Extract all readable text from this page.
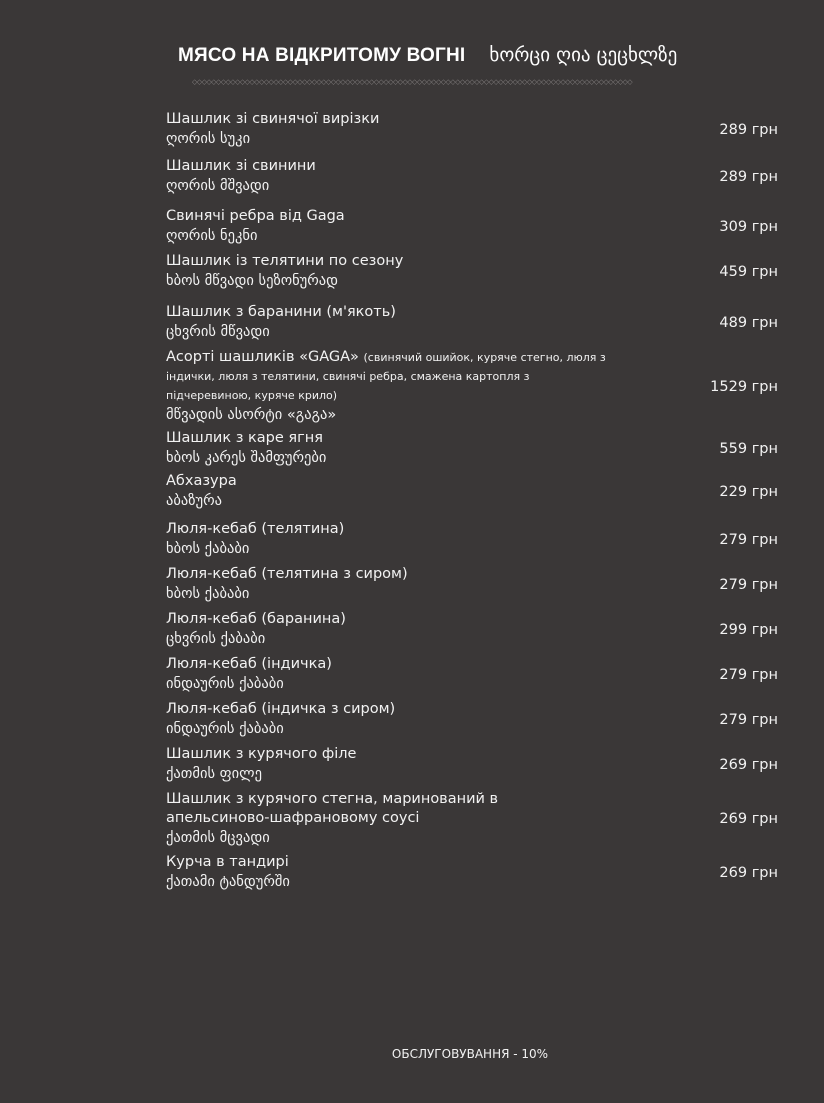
МЯСО НА ВІДКРИТОМУ ВОГНІ ხორცი ღია ცეცხლზე
◇◇◇◇◇◇◇◇◇◇◇◇◇◇◇◇◇◇◇◇◇◇◇◇◇◇◇◇◇◇◇◇◇◇◇◇◇◇◇◇◇◇◇◇◇◇◇◇◇◇◇◇◇◇◇◇◇◇◇◇◇◇◇◇◇◇◇◇◇◇◇◇◇◇◇◇◇◇◇◇◇◇◇◇◇◇◇◇◇◇◇◇
Шашлик зі свинячої вирізки
ღორის სუკი
289 грн
Шашлик зі свинини
ღორის მშვადი
289 грн
Свинячі ребра від Gaga
ღორის ნეკნი
309 грн
Шашлик із телятини по сезону
ხბოს მწვადი სეზონურად
459 грн
Шашлик з баранини (м'якоть)
ცხვრის მწვადი
489 грн
Асорті шашликів «GAGA» (свинячий ошийок, куряче стегно, люля з індички, люля з телятини, свинячі ребра, смажена картопля з підчеревиною, куряче крило)
მწვადის ასორტი «გაგა»
1529 грн
Шашлик з каре ягня
ხბოს კარეს შამფურები
559 грн
Абхазура
აბაზურა
229 грн
Люля-кебаб (телятина)
ხბოს ქაბაბი
279 грн
Люля-кебаб (телятина з сиром)
ხბოს ქაბაბი
279 грн
Люля-кебаб (баранина)
ცხვრის ქაბაბი
299 грн
Люля-кебаб (індичка)
ინდაურის ქაბაბი
279 грн
Люля-кебаб (індичка з сиром)
ინდაურის ქაბაბი
279 грн
Шашлик з курячого філе
ქათმის ფილე
269 грн
Шашлик з курячого стегна, маринований в апельсиново-шафрановому соусі
ქათმის მცვადი
269 грн
Курча в тандирі
ქათამი ტანდურში
269 грн
ОБСЛУГОВУВАННЯ - 10%
